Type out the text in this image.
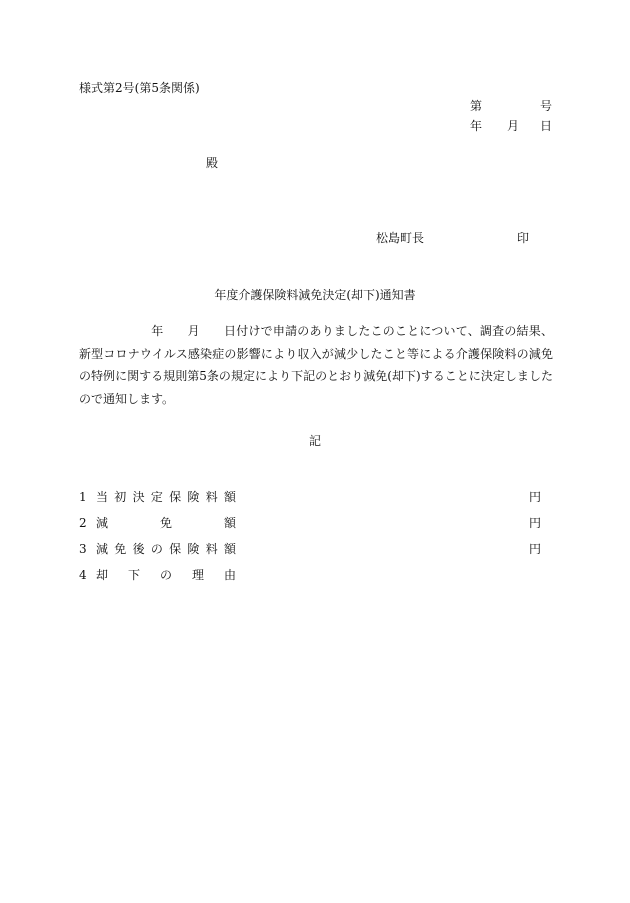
様式第2号(第5条関係)
第	号
年 月 日
殿
松島町長	印
年度介護保険料減免決定(却下)通知書
年 月 日付けで申請のありましたこのことについて、調査の結果、新型コロナウイルス感染症の影響により収入が減少したこと等による介護保険料の減免の特例に関する規則第5条の規定により下記のとおり減免(却下)することに決定しましたので通知します。
記
1 当 初 決 定 保 険 料 額	円
2 減	免	額	円
3 減 免 後 の 保 険 料 額	円
4 却 下 の 理 由
